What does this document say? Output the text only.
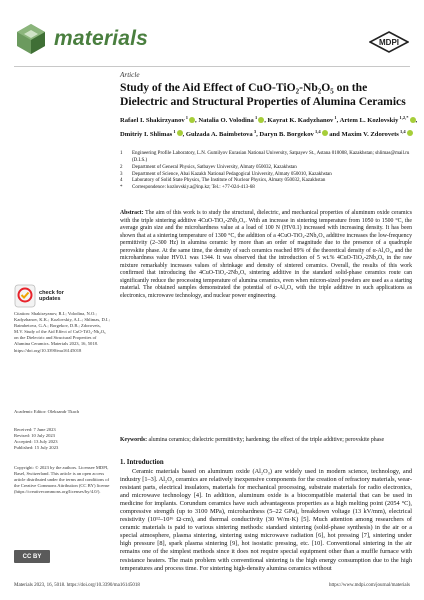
materials	MDPI
Article
Study of the Aid Effect of CuO-TiO₂-Nb₂O₅ on the Dielectric and Structural Properties of Alumina Ceramics
Rafael I. Shakirzyanov $^1$ , Natalia O. Volodina $^1$ , Kayrat K. Kadyzhanov $^1$, Artem L. Kozlovskiy $^{1,2,*}$ , Dmitriy I. Shlimas $^1$ , Gulzada A. Baimbetova $^3$, Daryn B. Borgekov $^{1,4}$ and Maxim V. Zdorovets $^{1,4}$
1	Engineering Profile Laboratory, L.N. Gumilyov Eurasian National University, Satpayev St., Astana 010008, Kazakhstan; shlimas@mail.ru (D.I.S.)
2	Department of General Physics, Satbayev University, Almaty 050032, Kazakhstan
3	Department of Science, Abai Kazakh National Pedagogical University, Almaty 050010, Kazakhstan
4	Laboratory of Solid State Physics, The Institute of Nuclear Physics, Almaty 050032, Kazakhstan
*	Correspondence: kozlovskiy.a@inp.kz; Tel.: +77-024-413-68
Abstract: The aim of this work is to study the structural, dielectric, and mechanical properties of aluminum oxide ceramics with the triple sintering additive 4CuO-TiO₂-2Nb₂O₅. With an increase in sintering temperature from 1050 to 1500 °C, the average grain size and the microhardness value at a load of 100 N (HV0.1) increased with increasing density. It has been shown that at a sintering temperature of 1300 °C, the addition of a 4CuO-TiO₂-2Nb₂O₅ additive increases the low-frequency permittivity (2–300 Hz) in alumina ceramic by more than an order of magnitude due to the presence of a quadruple perovskite phase. At the same time, the density of such ceramics reached 89% of the theoretical density of α-Al₂O₃, and the microhardness value HV0.1 was 1344. It was observed that the introduction of 5 wt.% 4CuO-TiO₂-2Nb₂O₅ in the raw mixture remarkably increases values of shrinkage and density of sintered ceramics. Overall, the results of this work confirmed that introducing the 4CuO-TiO₂-2Nb₂O₅ sintering additive in the standard solid-phase ceramics route can significantly reduce the processing temperature of alumina ceramics, even when micron-sized powders are used as a starting material. The obtained samples demonstrated the potential of α-Al₂O₃ with the triple additive in such applications as electronics, microwave technology, and nuclear power engineering.
Keywords: alumina ceramics; dielectric permittivity; hardening; the effect of the triple additive; perovskite phase
1. Introduction
Ceramic materials based on aluminum oxide (Al₂O₃) are widely used in modern science, technology, and industry [1–3]. Al₂O₃ ceramics are relatively inexpensive components for the creation of refractory materials, wear-resistant parts, electrical insulators, materials for mechanical processing, substrate materials for radio electronics, and microwave technology [4]. In addition, aluminum oxide is a biocompatible material that can be used in medicine for implants. Corundum ceramics have such advantageous properties as a high melting point (2054 °C), compressive strength (up to 3100 MPa), microhardness (5–22 GPa), breakdown voltage (13 kV/mm), electrical resistivity (10¹²–10¹⁶ Ω·cm), and thermal conductivity (30 W/m·K) [5]. Much attention among researchers of ceramic materials is paid to various sintering methods: standard sintering (solid-phase synthesis) in the air or a special atmosphere, plasma sintering, sintering using microwave radiation [6], hot pressing [7], sintering under high pressure [8], spark plasma sintering [9], hot isostatic pressing, etc. [10]. Conventional sintering in the air remains one of the simplest methods since it does not require special equipment other than a muffle furnace with resistance heaters. The main problem with conventional sintering is the high energy consumption due to the high temperatures and process time. For sintering high-density alumina ceramics without
check for
updates
Citation: Shakirzyanov, R.I.; Volodina, N.O.; Kadyzhanov, K.K.; Kozlovskiy, A.L.; Shlimas, D.I.; Baimbetova, G.A.; Borgekov, D.B.; Zdorovets, M.V. Study of the Aid Effect of CuO-TiO₂-Nb₂O₅ on the Dielectric and Structural Properties of Alumina Ceramics. Materials 2023, 16, 5018. https://doi.org/10.3390/ma16145018
Academic Editor: Oleksandr Tkach
Received: 7 June 2023
Revised: 10 July 2023
Accepted: 13 July 2023
Published: 15 July 2023
Copyright: © 2023 by the authors. Licensee MDPI, Basel, Switzerland. This article is an open access article distributed under the terms and conditions of the Creative Commons Attribution (CC BY) license (https://creativecommons.org/licenses/by/4.0/).
CC BY
Materials 2023, 16, 5018. https://doi.org/10.3390/ma16145018	https://www.mdpi.com/journal/materials
